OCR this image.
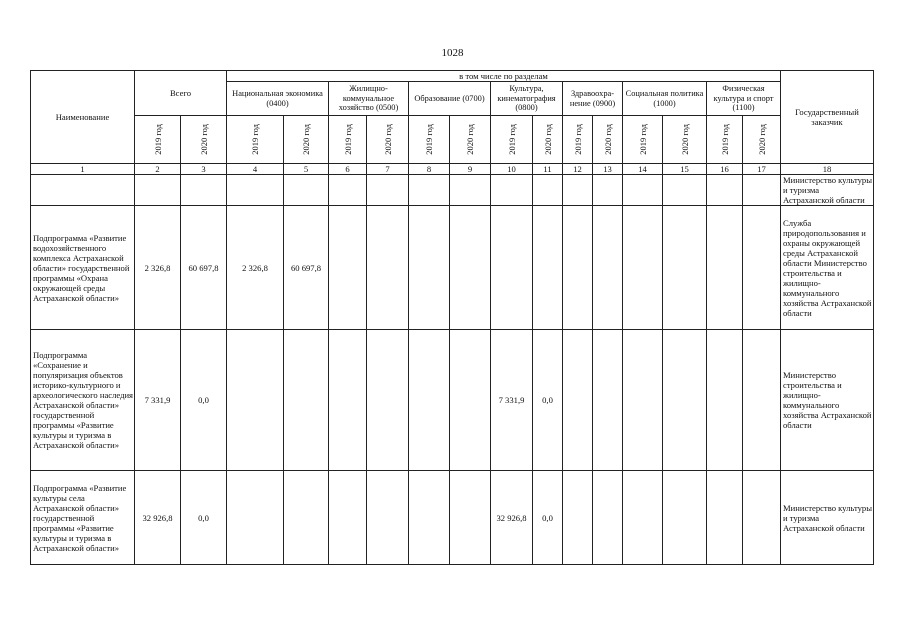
1028
Наименование	Всего		в том числе по разделам														Государственный заказчик
			Национальная экономика (0400)		Жилищно-коммунальное хозяйство (0500)		Образование (0700)		Культура, кинематография (0800)		Здравоохра-нение (0900)		Социальная политика (1000)		Физическая культура и спорт (1100)		

	2019 год	2020 год	2019 год	2020 год	2019 год	2020 год	2019 год	2020 год	2019 год	2020 год	2019 год	2020 год	2019 год	2020 год	2019 год	2020 год	

1	2	3	4	5	6	7	8	9	10	11	12	13	14	15	16	17	18
																	Министерство культуры и туризма Астраханской области
Подпрограмма «Развитие водохозяйственного комплекса Астраханской области» государственной программы «Охрана окружающей среды Астраханской области»	2 326,8	60 697,8	2 326,8	60 697,8													Служба природопользования и охраны окружающей среды Астраханской области Министерство строительства и жилищно-коммунального хозяйства Астраханской области
Подпрограмма «Сохранение и популяризация объектов историко-культурного и археологического наследия Астраханской области» государственной программы «Развитие культуры и туризма в Астраханской области»	7 331,9	0,0							7 331,9	0,0							Министерство строительства и жилищно-коммунального хозяйства Астраханской области
Подпрограмма «Развитие культуры села Астраханской области» государственной программы «Развитие культуры и туризма в Астраханской области»	32 926,8	0,0							32 926,8	0,0							Министерство культуры и туризма Астраханской области
